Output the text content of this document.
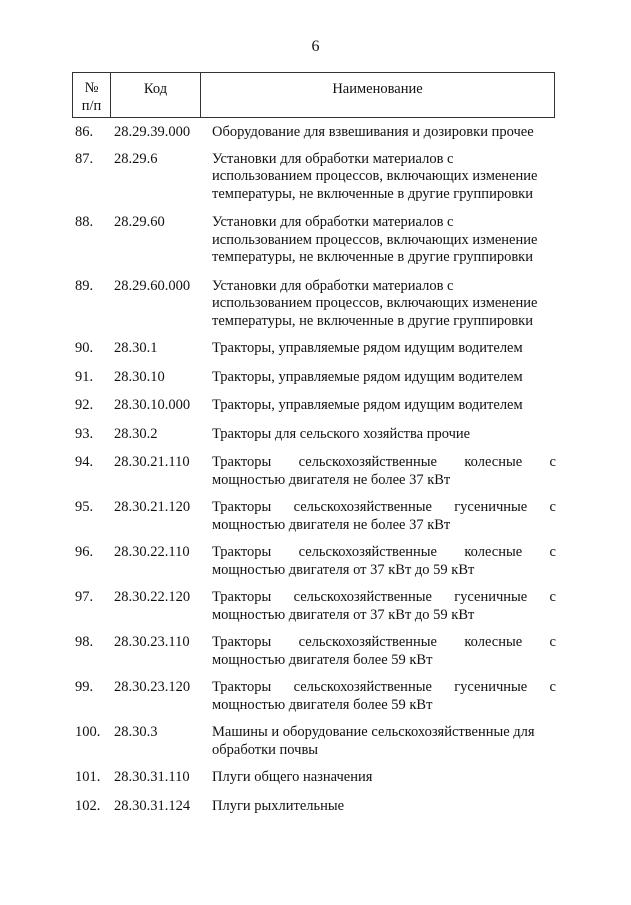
6
№
п/п
Код	Наименование
86. 28.29.39.000 Оборудование для взвешивания и дозировки прочее
87. 28.29.6	Установки для обработки материалов с использованием процессов, включающих изменение температуры, не включенные в другие группировки
88. 28.29.60	Установки для обработки материалов с использованием процессов, включающих изменение температуры, не включенные в другие группировки
89. 28.29.60.000 Установки для обработки материалов с использованием процессов, включающих изменение температуры, не включенные в другие группировки
90. 28.30.1	Тракторы, управляемые рядом идущим водителем
91. 28.30.10	Тракторы, управляемые рядом идущим водителем
92. 28.30.10.000 Тракторы, управляемые рядом идущим водителем
93. 28.30.2	Тракторы для сельского хозяйства прочие
94. 28.30.21.110 Тракторы сельскохозяйственные колесные с мощностью двигателя не более 37 кВт
95. 28.30.21.120 Тракторы сельскохозяйственные гусеничные с мощностью двигателя не более 37 кВт
96. 28.30.22.110 Тракторы сельскохозяйственные колесные с мощностью двигателя от 37 кВт до 59 кВт
97. 28.30.22.120 Тракторы сельскохозяйственные гусеничные с мощностью двигателя от 37 кВт до 59 кВт
98. 28.30.23.110 Тракторы сельскохозяйственные колесные с мощностью двигателя более 59 кВт
99. 28.30.23.120 Тракторы сельскохозяйственные гусеничные с мощностью двигателя более 59 кВт
100. 28.30.3	Машины и оборудование сельскохозяйственные для обработки почвы
101. 28.30.31.110 Плуги общего назначения
102. 28.30.31.124 Плуги рыхлительные
